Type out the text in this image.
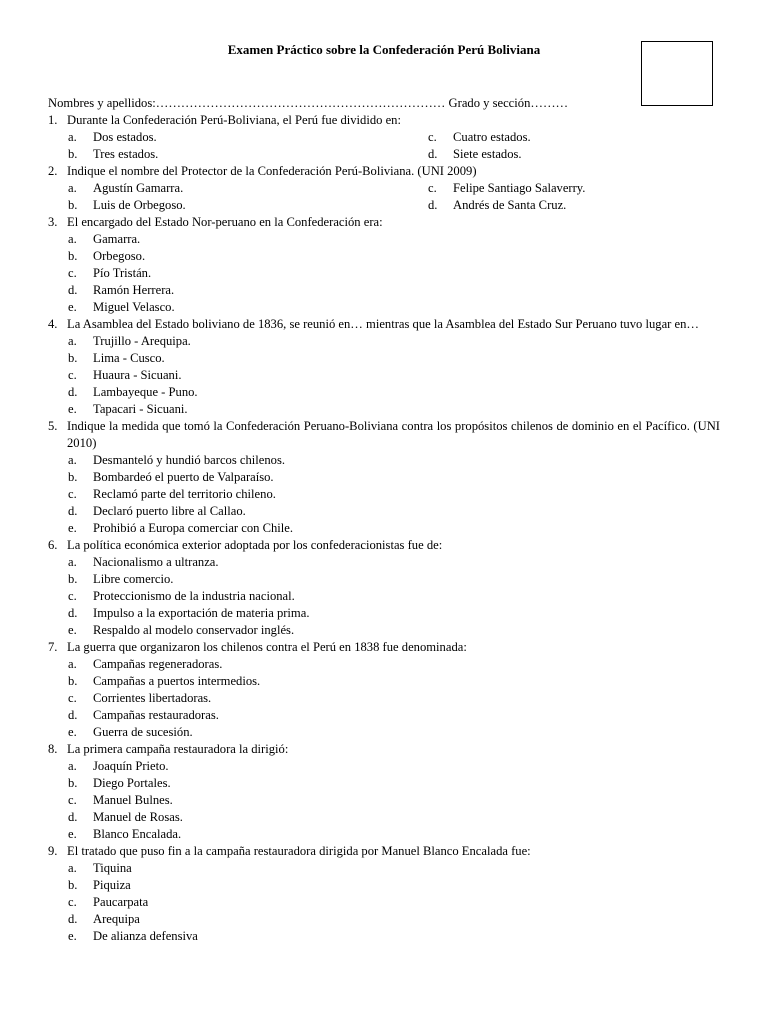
Examen Práctico sobre la Confederación Perú Boliviana
Nombres y apellidos:…………………………………………………………… Grado y sección………
1. Durante la Confederación Perú-Boliviana, el Perú fue dividido en:
a. Dos estados.	c. Cuatro estados.
b. Tres estados.	d. Siete estados.
2. Indique el nombre del Protector de la Confederación Perú-Boliviana. (UNI 2009)
a. Agustín Gamarra.	c. Felipe Santiago Salaverry.
b. Luis de Orbegoso.	d. Andrés de Santa Cruz.
3. El encargado del Estado Nor-peruano en la Confederación era:
a. Gamarra.
b. Orbegoso.
c. Pío Tristán.
d. Ramón Herrera.
e. Miguel Velasco.
4. La Asamblea del Estado boliviano de 1836, se reunió en… mientras que la Asamblea del Estado Sur Peruano tuvo lugar en…
a. Trujillo - Arequipa.
b. Lima - Cusco.
c. Huaura - Sicuani.
d. Lambayeque - Puno.
e. Tapacari - Sicuani.
5. Indique la medida que tomó la Confederación Peruano-Boliviana contra los propósitos chilenos de dominio en el Pacífico. (UNI 2010)
a. Desmanteló y hundió barcos chilenos.
b. Bombardeó el puerto de Valparaíso.
c. Reclamó parte del territorio chileno.
d. Declaró puerto libre al Callao.
e. Prohibió a Europa comerciar con Chile.
6. La política económica exterior adoptada por los confederacionistas fue de:
a. Nacionalismo a ultranza.
b. Libre comercio.
c. Proteccionismo de la industria nacional.
d. Impulso a la exportación de materia prima.
e. Respaldo al modelo conservador inglés.
7. La guerra que organizaron los chilenos contra el Perú en 1838 fue denominada:
a. Campañas regeneradoras.
b. Campañas a puertos intermedios.
c. Corrientes libertadoras.
d. Campañas restauradoras.
e. Guerra de sucesión.
8. La primera campaña restauradora la dirigió:
a. Joaquín Prieto.
b. Diego Portales.
c. Manuel Bulnes.
d. Manuel de Rosas.
e. Blanco Encalada.
9. El tratado que puso fin a la campaña restauradora dirigida por Manuel Blanco Encalada fue:
a. Tiquina
b. Piquiza
c. Paucarpata
d. Arequipa
e. De alianza defensiva
